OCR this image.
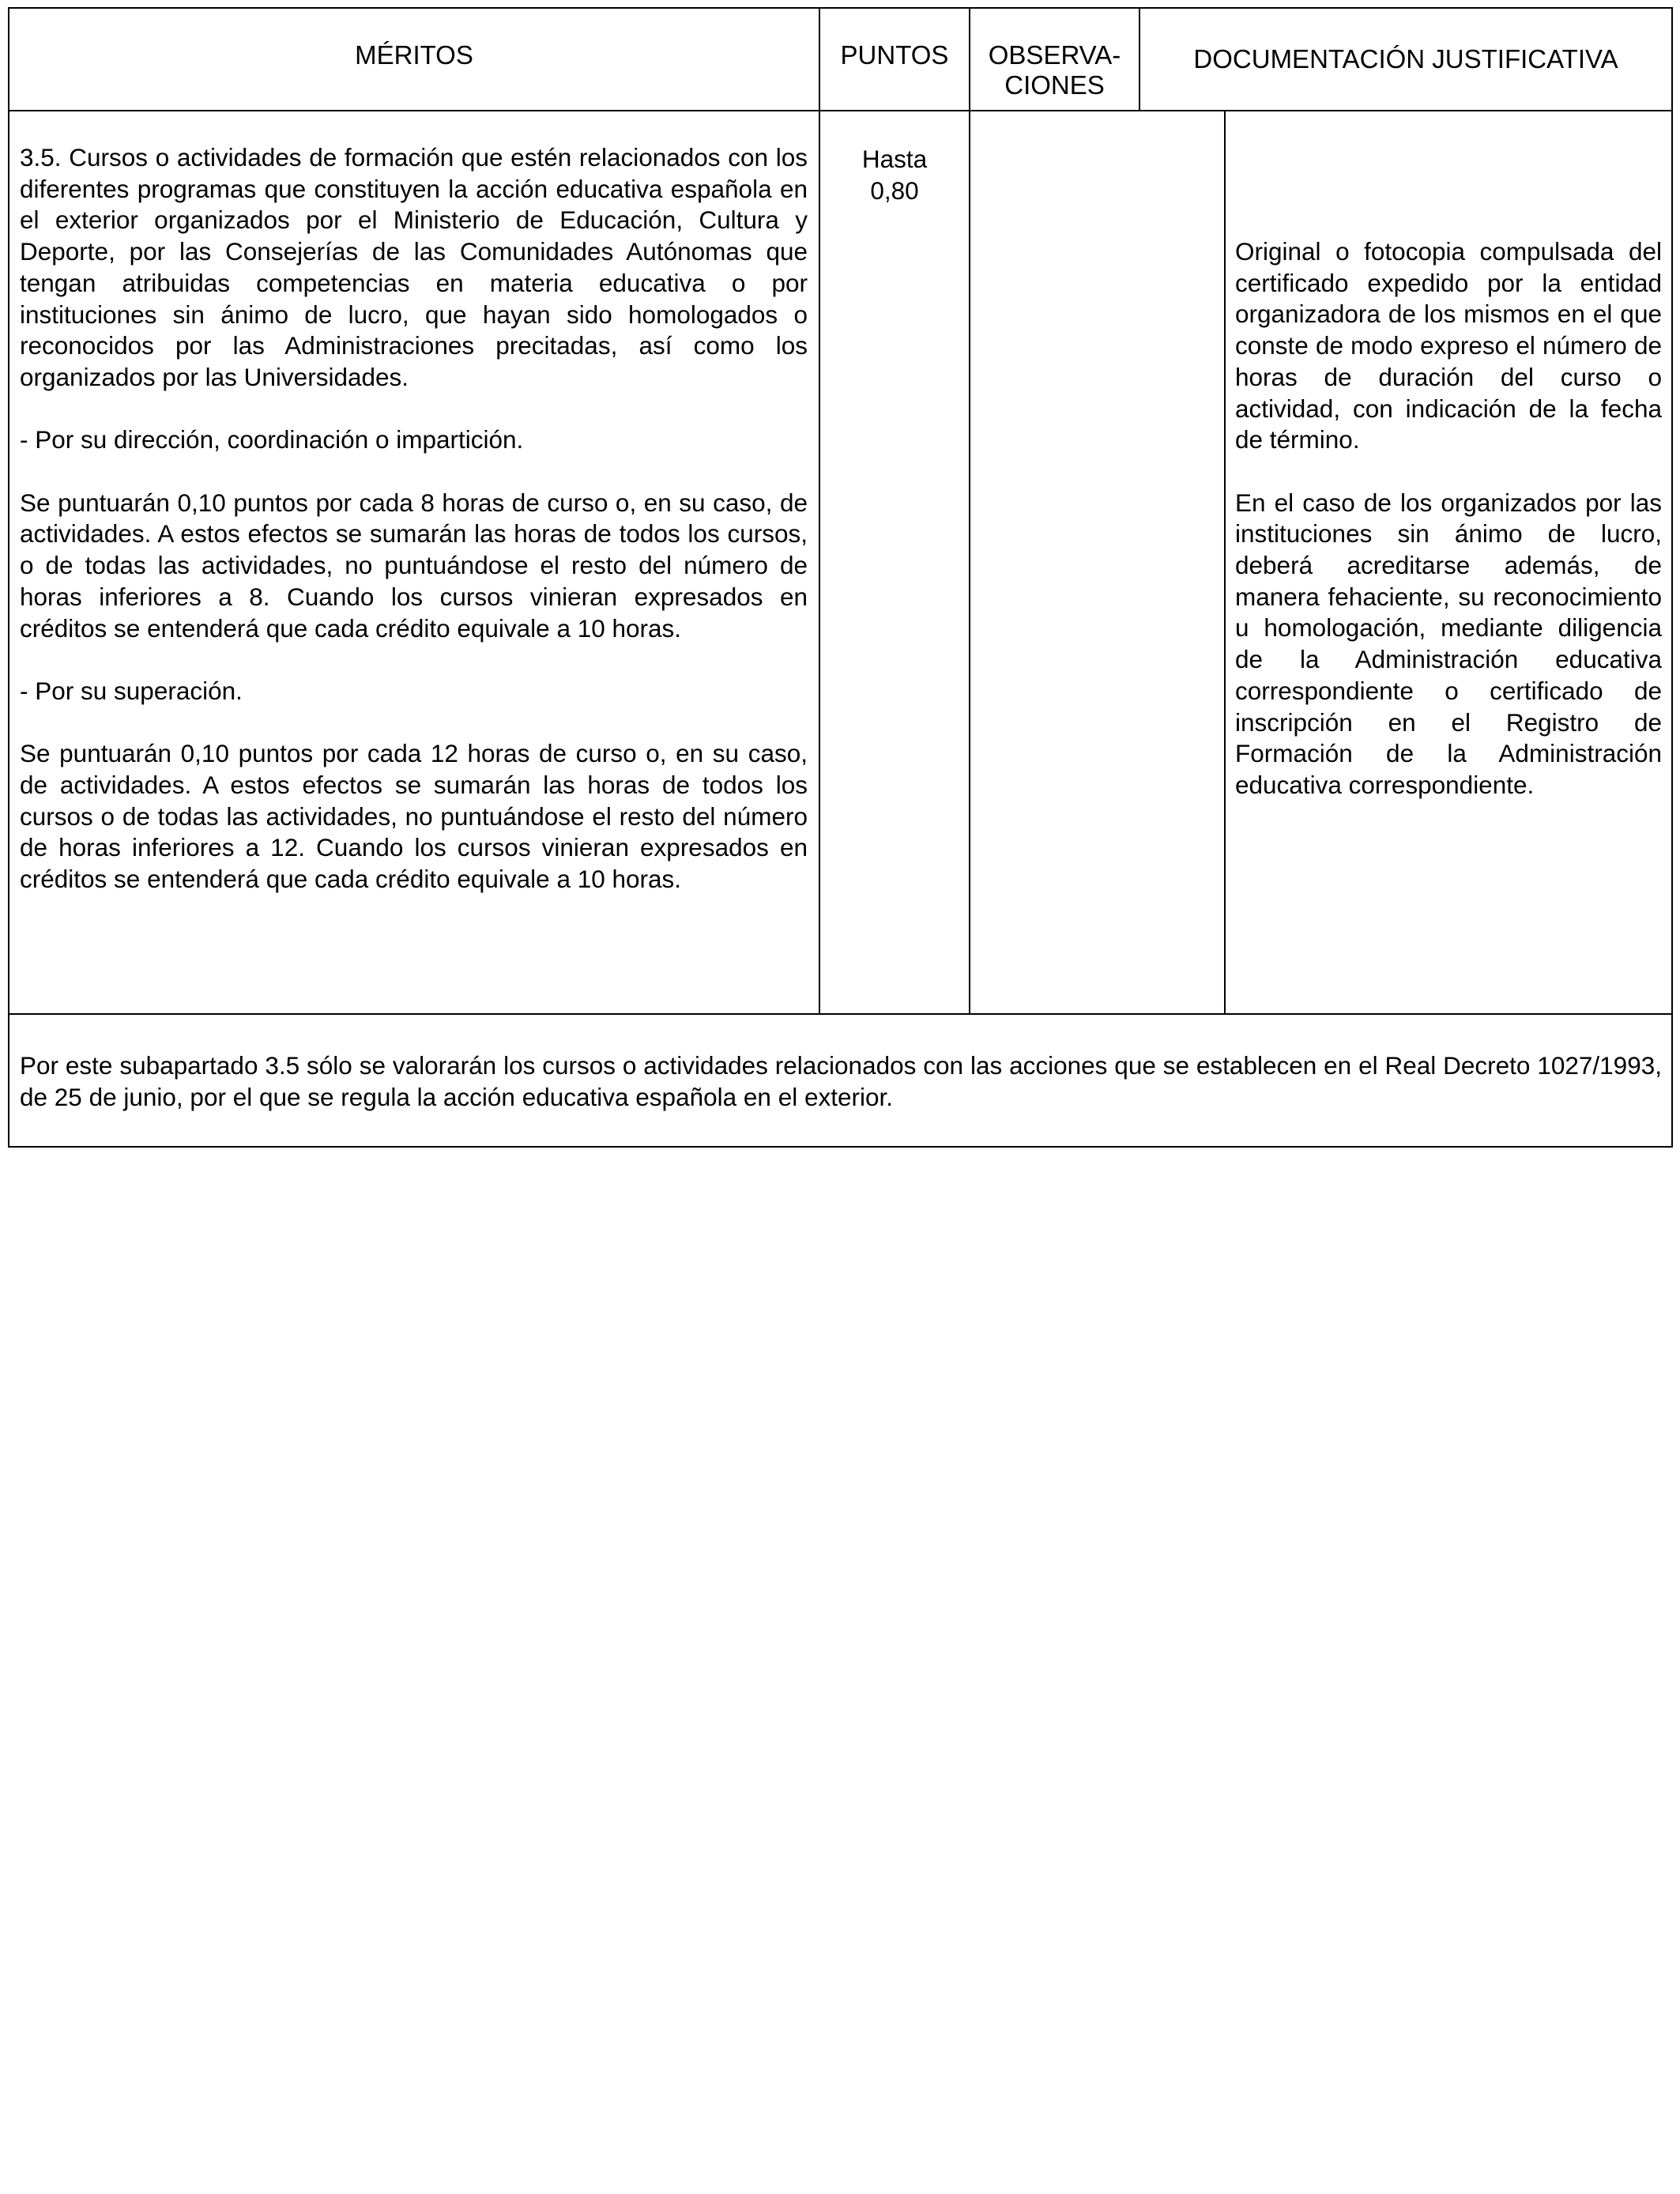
MÉRITOS	PUNTOS	OBSERVA-
CIONES
DOCUMENTACIÓN JUSTIFICATIVA

3.5. Cursos o actividades de formación que estén relacionados con los diferentes programas que constituyen la acción educativa española en el exterior organizados por el Ministerio de Educación, Cultura y Deporte, por las Consejerías de las Comunidades Autónomas que tengan atribuidas competencias en materia educativa o por instituciones sin ánimo de lucro, que hayan sido homologados o reconocidos por las Administraciones precitadas, así como los organizados por las Universidades.

- Por su dirección, coordinación o impartición.

Se puntuarán 0,10 puntos por cada 8 horas de curso o, en su caso, de actividades. A estos efectos se sumarán las horas de todos los cursos, o de todas las actividades, no puntuándose el resto del número de horas inferiores a 8. Cuando los cursos vinieran expresados en créditos se entenderá que cada crédito equivale a 10 horas.

- Por su superación.

Se puntuarán 0,10 puntos por cada 12 horas de curso o, en su caso, de actividades. A estos efectos se sumarán las horas de todos los cursos o de todas las actividades, no puntuándose el resto del número de horas inferiores a 12. Cuando los cursos vinieran expresados en créditos se entenderá que cada crédito equivale a 10 horas.

Hasta
0,80

Original o fotocopia compulsada del certificado expedido por la entidad organizadora de los mismos en el que conste de modo expreso el número de horas de duración del curso o actividad, con indicación de la fecha de término.

En el caso de los organizados por las instituciones sin ánimo de lucro, deberá acreditarse además, de manera fehaciente, su reconocimiento u homologación, mediante diligencia de la Administración educativa correspondiente o certificado de inscripción en el Registro de Formación de la Administración educativa correspondiente.

Por este subapartado 3.5 sólo se valorarán los cursos o actividades relacionados con las acciones que se establecen en el Real Decreto 1027/1993, de 25 de junio, por el que se regula la acción educativa española en el exterior.
